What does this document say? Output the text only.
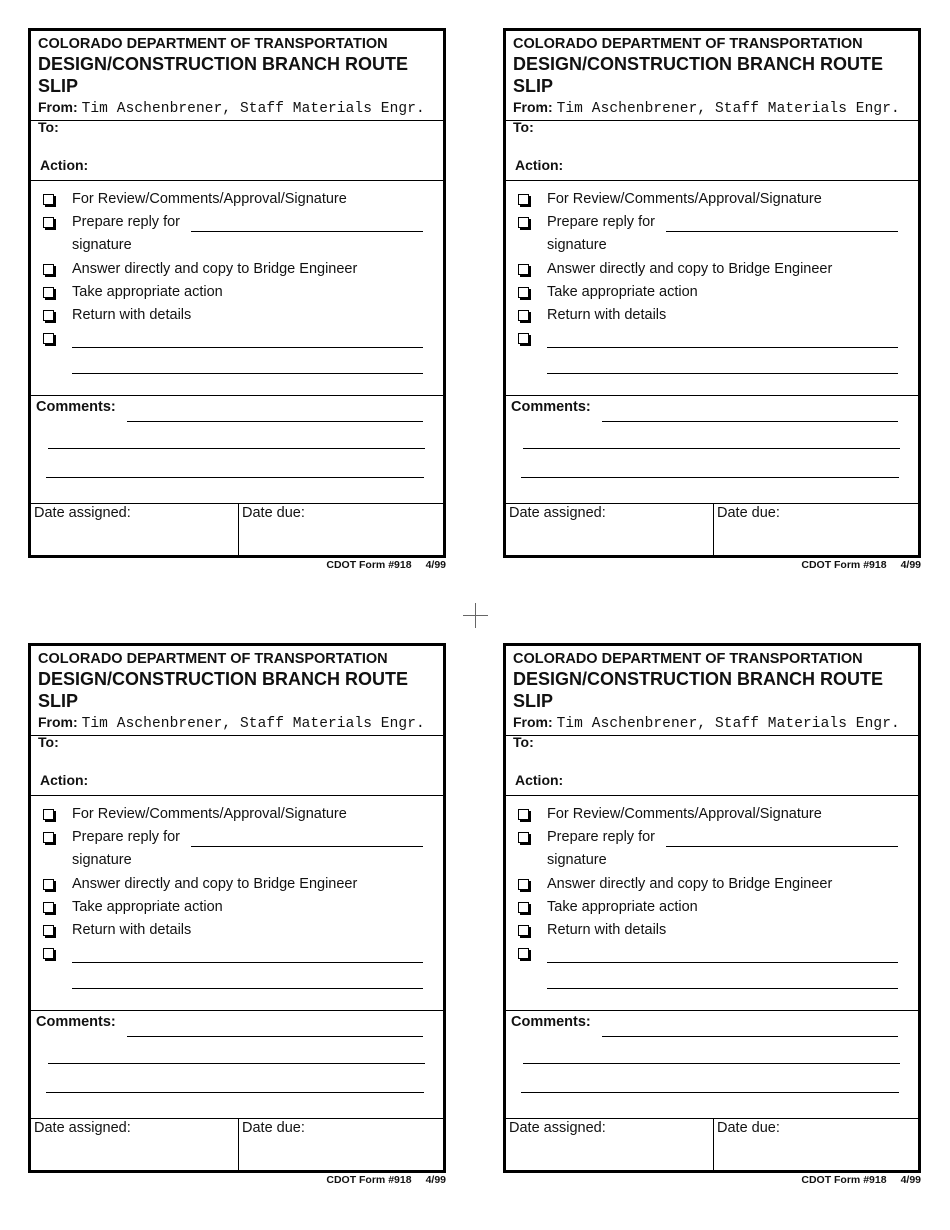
COLORADO DEPARTMENT OF TRANSPORTATION
DESIGN/CONSTRUCTION BRANCH ROUTE
SLIP
From: Tim Aschenbrener, Staff Materials Engr.
To:
Action:
For Review/Comments/Approval/Signature
Prepare reply for
signature
Answer directly and copy to Bridge Engineer
Take appropriate action
Return with details
Comments:
Date assigned:	Date due:
CDOT Form #918 4/99
COLORADO DEPARTMENT OF TRANSPORTATION
DESIGN/CONSTRUCTION BRANCH ROUTE
SLIP
From: Tim Aschenbrener, Staff Materials Engr.
To:
Action:
For Review/Comments/Approval/Signature
Prepare reply for
signature
Answer directly and copy to Bridge Engineer
Take appropriate action
Return with details
Comments:
Date assigned:	Date due:
CDOT Form #918 4/99
COLORADO DEPARTMENT OF TRANSPORTATION
DESIGN/CONSTRUCTION BRANCH ROUTE
SLIP
From: Tim Aschenbrener, Staff Materials Engr.
To:
Action:
For Review/Comments/Approval/Signature
Prepare reply for
signature
Answer directly and copy to Bridge Engineer
Take appropriate action
Return with details
Comments:
Date assigned:	Date due:
CDOT Form #918 4/99
COLORADO DEPARTMENT OF TRANSPORTATION
DESIGN/CONSTRUCTION BRANCH ROUTE
SLIP
From: Tim Aschenbrener, Staff Materials Engr.
To:
Action:
For Review/Comments/Approval/Signature
Prepare reply for
signature
Answer directly and copy to Bridge Engineer
Take appropriate action
Return with details
Comments:
Date assigned:	Date due:
CDOT Form #918 4/99
